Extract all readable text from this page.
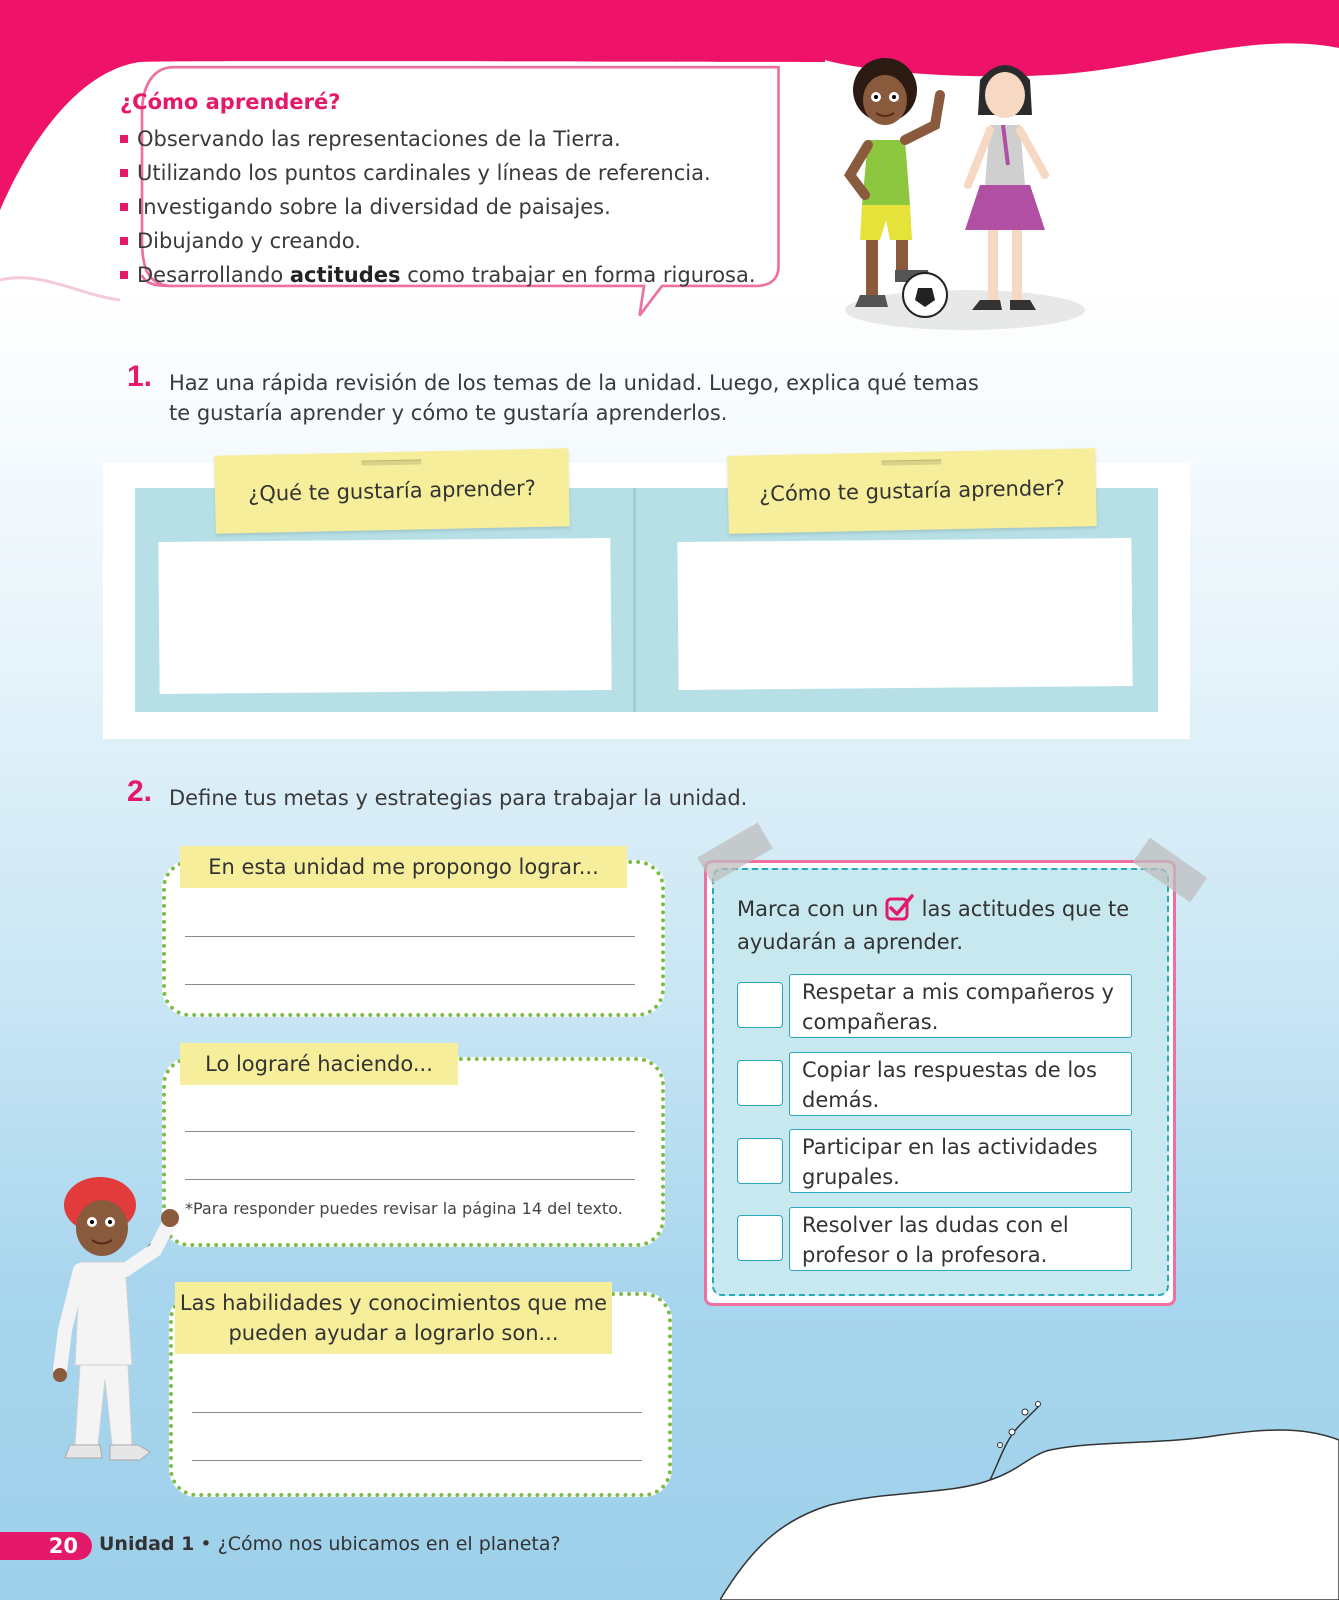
¿Cómo aprenderé?
Observando las representaciones de la Tierra.
Utilizando los puntos cardinales y líneas de referencia.
Investigando sobre la diversidad de paisajes.
Dibujando y creando.
Desarrollando actitudes como trabajar en forma rigurosa.
1. Haz una rápida revisión de los temas de la unidad. Luego, explica qué temas te gustaría aprender y cómo te gustaría aprenderlos.
¿Qué te gustaría aprender?	¿Cómo te gustaría aprender?
2. Define tus metas y estrategias para trabajar la unidad.
En esta unidad me propongo lograr...
Lo lograré haciendo...
*Para responder puedes revisar la página 14 del texto.
Las habilidades y conocimientos que me pueden ayudar a lograrlo son...
Marca con un  las actitudes que te ayudarán a aprender.
Respetar a mis compañeros y compañeras.
Copiar las respuestas de los demás.
Participar en las actividades grupales.
Resolver las dudas con el profesor o la profesora.
20	Unidad 1 • ¿Cómo nos ubicamos en el planeta?
